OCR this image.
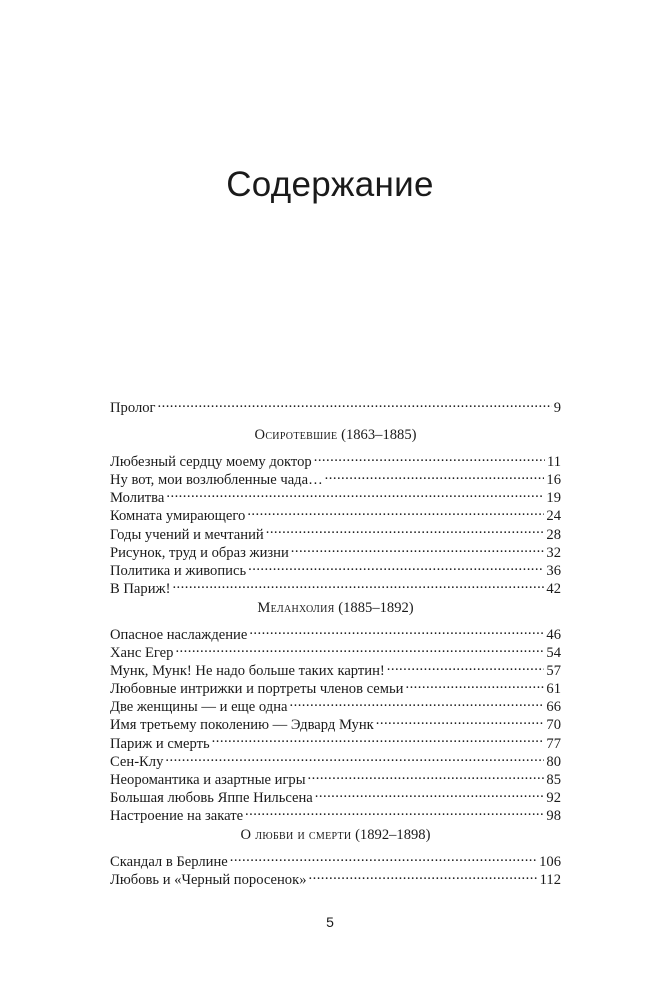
Содержание
Пролог . . .	9
Осиротевшие (1863–1885)
Любезный сердцу моему доктор . . .	11
Ну вот, мои возлюбленные чада… . . .	16
Молитва . . .	19
Комната умирающего . . .	24
Годы учений и мечтаний . . .	28
Рисунок, труд и образ жизни . . .	32
Политика и живопись . . .	36
В Париж! . . .	42
Меланхолия (1885–1892)
Опасное наслаждение . . .	46
Ханс Егер . . .	54
Мунк, Мунк! Не надо больше таких картин! . . .	57
Любовные интрижки и портреты членов семьи . . .	61
Две женщины — и еще одна . . .	66
Имя третьему поколению — Эдвард Мунк . . .	70
Париж и смерть . . .	77
Сен-Клу . . .	80
Неоромантика и азартные игры . . .	85
Большая любовь Яппе Нильсена . . .	92
Настроение на закате . . .	98
О любви и смерти (1892–1898)
Скандал в Берлине . . .	106
Любовь и «Черный поросенок» . . .	112
5
